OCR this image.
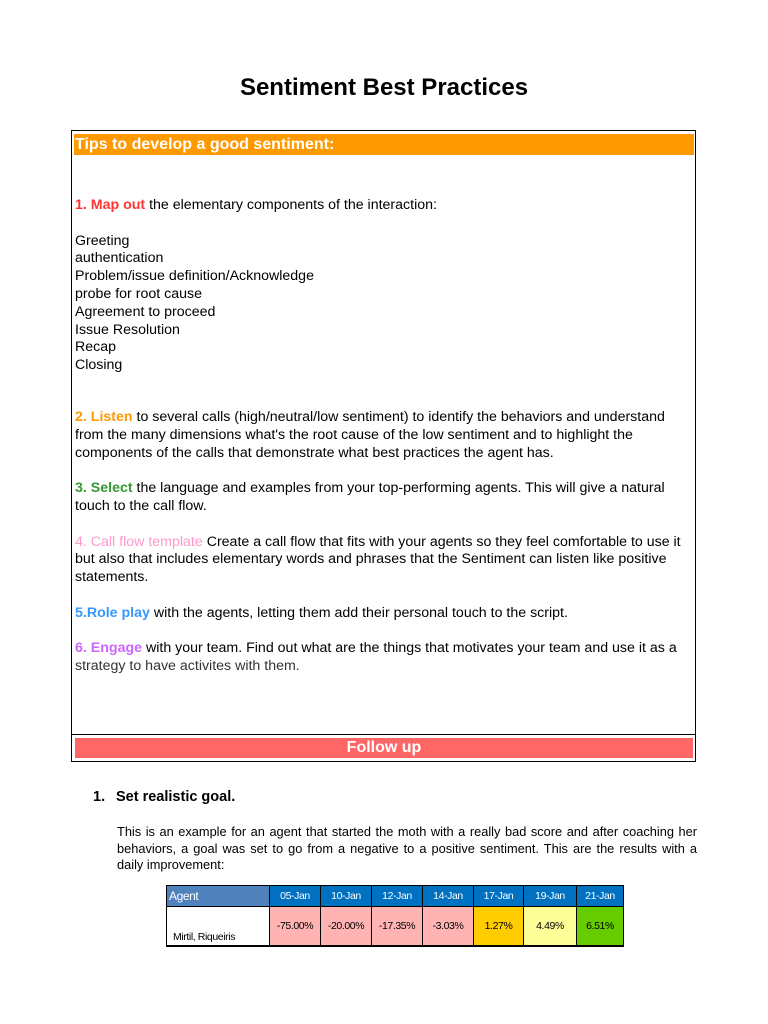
Sentiment Best Practices
Tips to develop a good sentiment:

1. Map out the elementary components of the interaction:

Greeting

authentication

Problem/issue definition/Acknowledge

probe for root cause

Agreement to proceed

Issue Resolution

Recap

Closing

2. Listen to several calls (high/neutral/low sentiment) to identify the behaviors and understand from the many dimensions what's the root cause of the low sentiment and to highlight the components of the calls that demonstrate what best practices the agent has.

3. Select the language and examples from your top-performing agents. This will give a natural touch to the call flow.

4. Call flow template Create a call flow that fits with your agents so they feel comfortable to use it but also that includes elementary words and phrases that the Sentiment can listen like positive statements.

5.Role play with the agents, letting them add their personal touch to the script.

6. Engage with your team. Find out what are the things that motivates your team and use it as a strategy to have activites with them.

Follow up
1. Set realistic goal.
This is an example for an agent that started the moth with a really bad score and after coaching her behaviors, a goal was set to go from a negative to a positive sentiment. This are the results with a daily improvement:
Agent	05-Jan	10-Jan	12-Jan	14-Jan	17-Jan	19-Jan	21-Jan
Mirtil, Riqueiris	-75.00%	-20.00%	-17.35%	-3.03%	1.27%	4.49%	6.51%
